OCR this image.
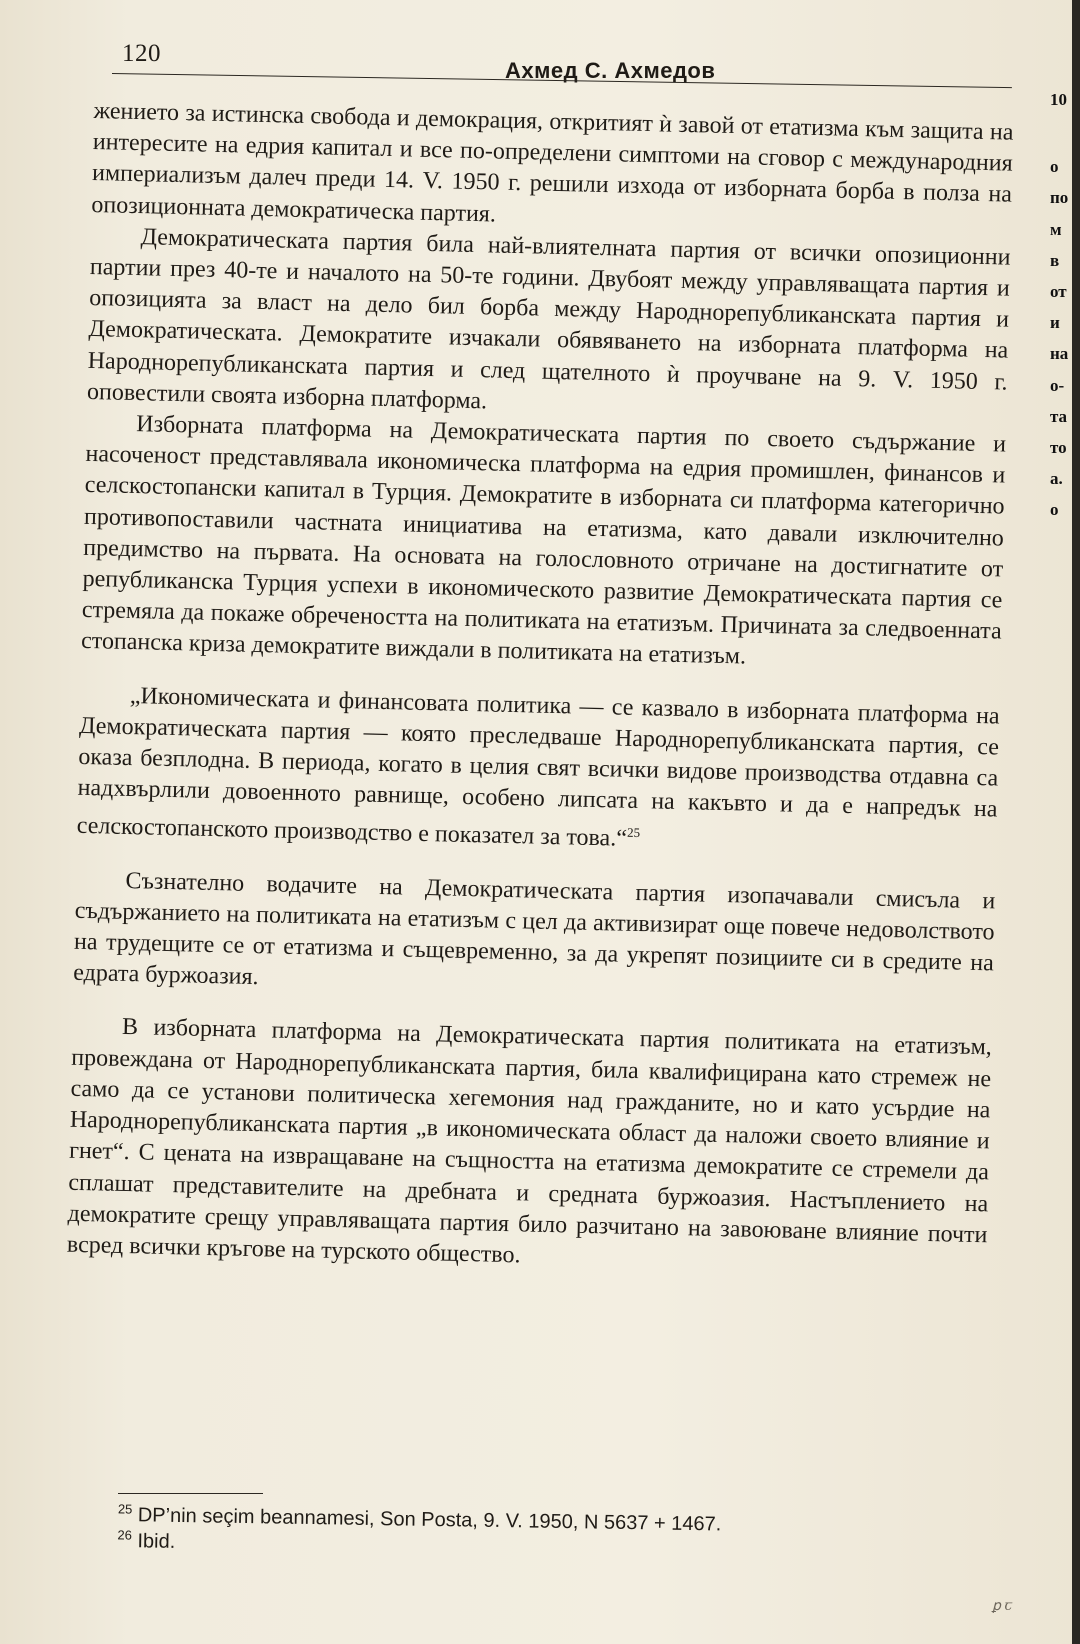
10
о
по
м
в
от
и
на
о-
та
то
а.
о
120
Ахмед С. Ахмедов

жението за истинска свобода и демокрация, откритият ѝ завой от етатизма към защита на интересите на едрия капитал и все по-определени симптоми на сговор с международния империализъм далеч преди 14. V. 1950 г. решили изхода от изборната борба в полза на опозиционната демократическа партия.

Демократическата партия била най-влиятелната партия от всички опозиционни партии през 40-те и началото на 50-те години. Двубоят между управляващата партия и опозицията за власт на дело бил борба между Народнорепубликанската партия и Демократическата. Демократите изчакали обявяването на изборната платформа на Народнорепубликанската партия и след щателното ѝ проучване на 9. V. 1950 г. оповестили своята изборна платформа.

Изборната платформа на Демократическата партия по своето съдържание и насоченост представлявала икономическа платформа на едрия промишлен, финансов и селскостопански капитал в Турция. Демократите в изборната си платформа категорично противопоставили частната инициатива на етатизма, като давали изключително предимство на първата. На основата на голословното отричане на достигнатите от републиканска Турция успехи в икономическото развитие Демократическата партия се стремяла да покаже обречеността на политиката на етатизъм. Причината за следвоенната стопанска криза демократите виждали в политиката на етатизъм.

„Икономическата и финансовата политика — се казвало в изборната платформа на Демократическата партия — която преследваше Народнорепубликанската партия, се оказа безплодна. В периода, когато в целия свят всички видове производства отдавна са надхвърлили довоенното равнище, особено липсата на какъвто и да е напредък на селскостопанското производство е показател за това.“$^{25}$

Съзнателно водачите на Демократическата партия изопачавали смисъла и съдържанието на политиката на етатизъм с цел да активизират още повече недоволството на трудещите се от етатизма и същевременно, за да укрепят позициите си в средите на едрата буржоазия.

В изборната платформа на Демократическата партия политиката на етатизъм, провеждана от Народнорепубликанската партия, била квалифицирана като стремеж не само да се установи политическа хегемония над гражданите, но и като усърдие на Народнорепубликанската партия „в икономическата област да наложи своето влияние и гнет“. С цената на извращаване на същността на етатизма демократите се стремели да сплашат представителите на дребната и средната буржоазия. Настъплението на демократите срещу управляващата партия било разчитано на завоюване влияние почти всред всички кръгове на турското общество.

$^{25}$ DP’nin seçim beannamesi, Son Posta, 9. V. 1950, N 5637 + 1467.

$^{26}$ Ibid.

ꝑ ꞇ
